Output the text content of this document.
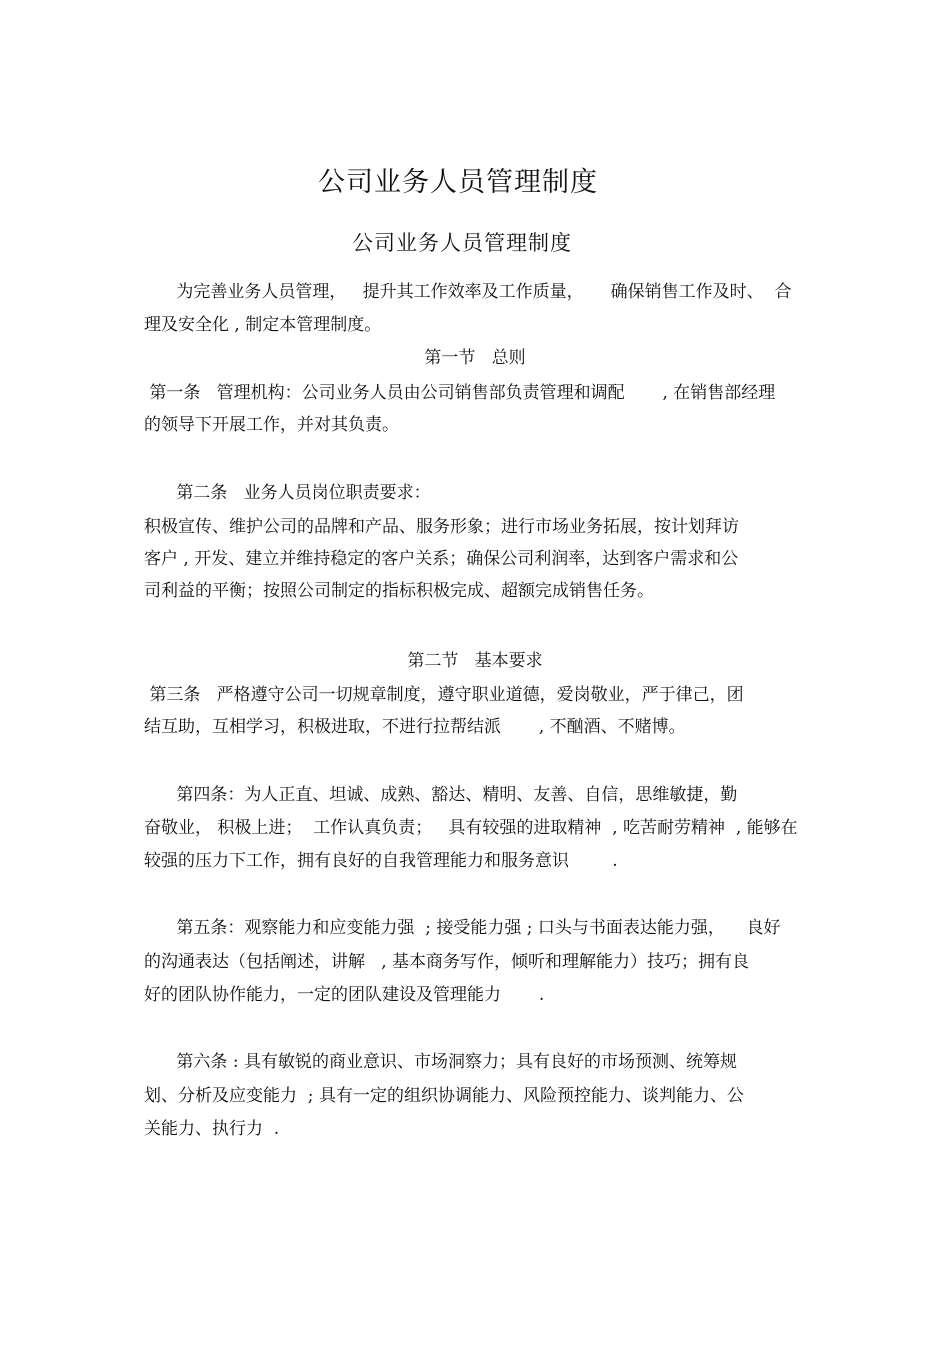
公司业务人员管理制度
公司业务人员管理制度
为完善业务人员管理，   提升其工作效率及工作质量，     确保销售工作及时、  合
理及安全化 , 制定本管理制度。
第一节   总则
第一条   管理机构：公司业务人员由公司销售部负责管理和调配       , 在销售部经理
的领导下开展工作，并对其负责。
第二条   业务人员岗位职责要求：
积极宣传、维护公司的品牌和产品、服务形象；进行市场业务拓展，按计划拜访
客户 , 开发、建立并维持稳定的客户关系；确保公司利润率，达到客户需求和公
司利益的平衡；按照公司制定的指标积极完成、超额完成销售任务。
第二节   基本要求
第三条   严格遵守公司一切规章制度，遵守职业道德，爱岗敬业，严于律己，团
结互助，互相学习，积极进取，不进行拉帮结派       , 不酗酒、不赌博。
第四条：为人正直、坦诚、成熟、豁达、精明、友善、自信，思维敏捷，勤
奋敬业， 积极上进；  工作认真负责；   具有较强的进取精神  , 吃苦耐劳精神  , 能够在
较强的压力下工作，拥有良好的自我管理能力和服务意识        .
第五条：观察能力和应变能力强  ; 接受能力强 ; 口头与书面表达能力强，    良好
的沟通表达（包括阐述，讲解   , 基本商务写作，倾听和理解能力）技巧；拥有良
好的团队协作能力，一定的团队建设及管理能力       .
第六条 : 具有敏锐的商业意识、市场洞察力；具有良好的市场预测、统筹规
划、分析及应变能力  ; 具有一定的组织协调能力、风险预控能力、谈判能力、公
关能力、执行力  .
